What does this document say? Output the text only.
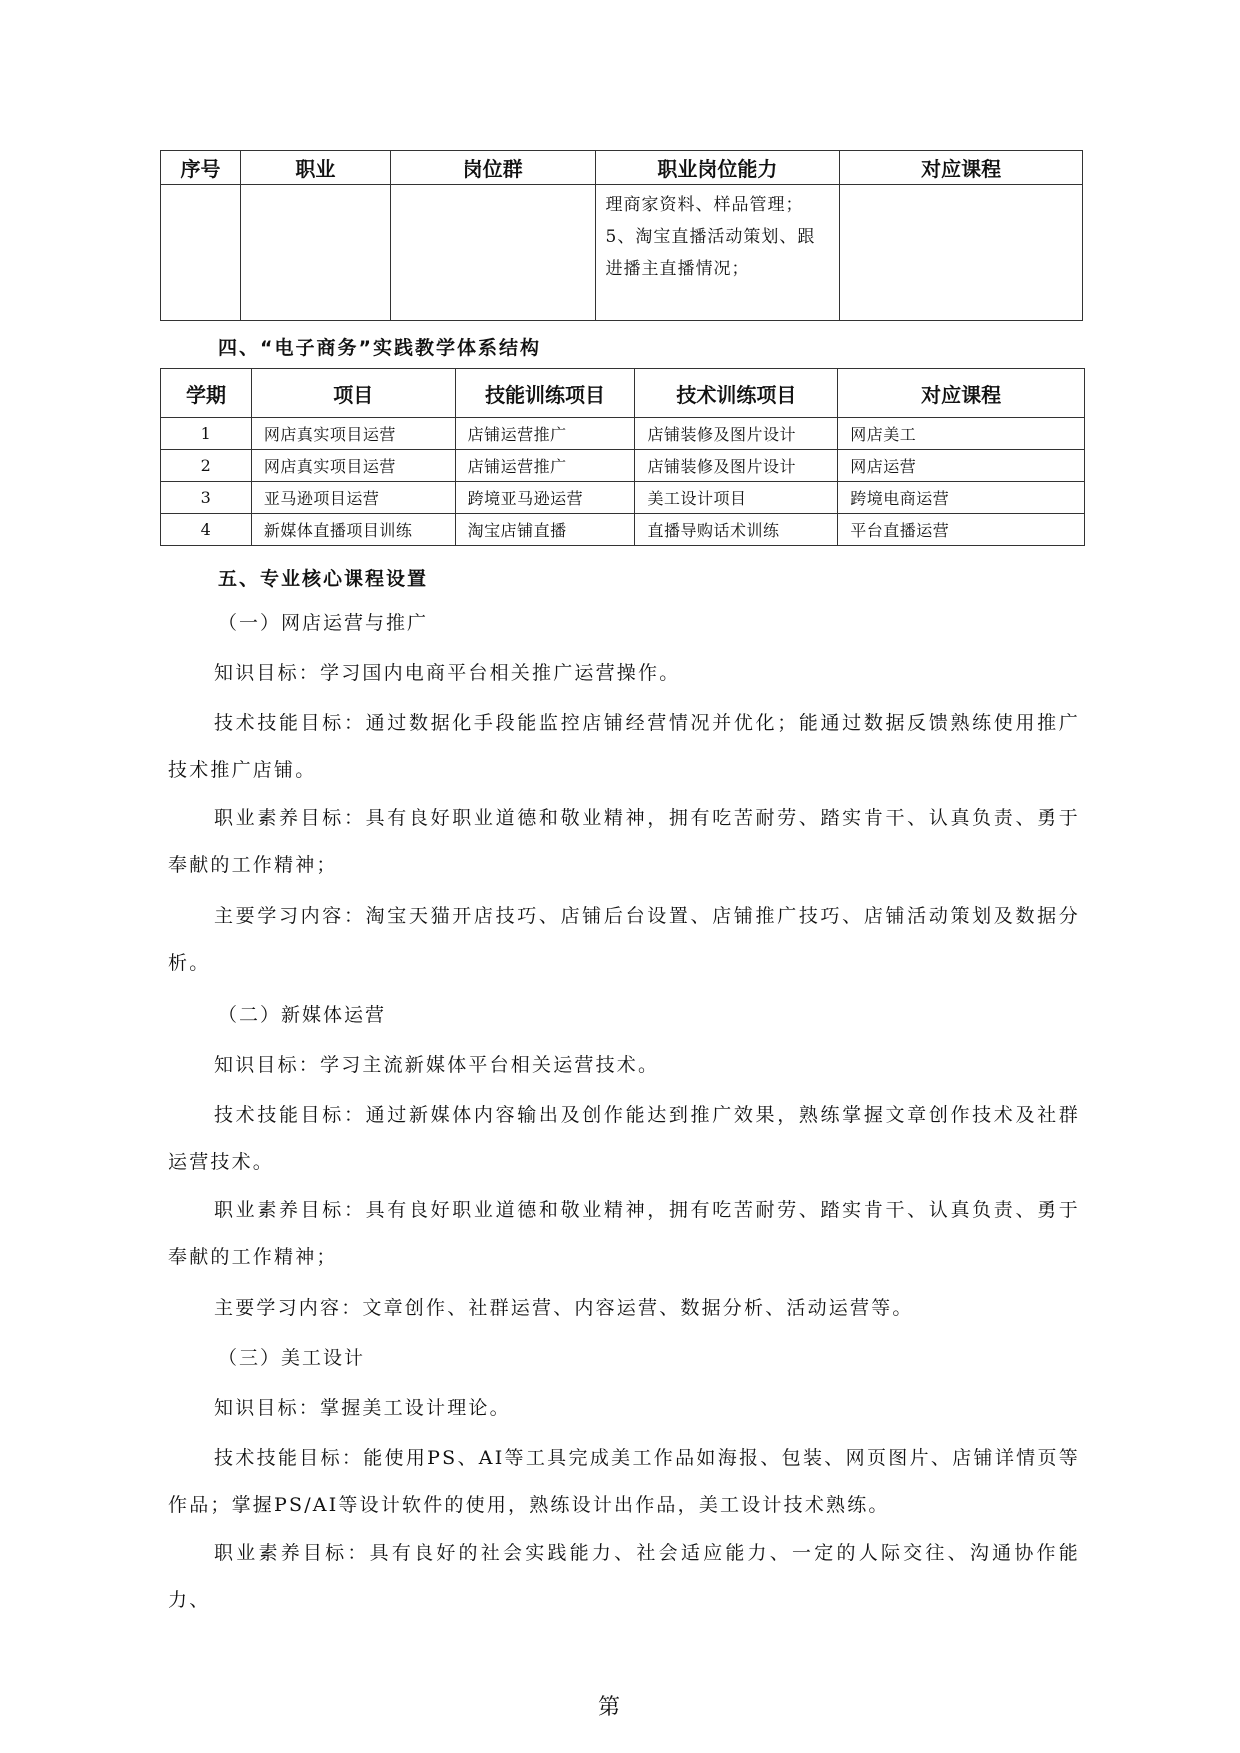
序号	职业	岗位群	职业岗位能力	对应课程

			理商家资料、样品管理；
5、淘宝直播活动策划、跟
进播主直播情况；	

四、“电子商务”实践教学体系结构
学期	项目	技能训练项目	技术训练项目	对应课程
1	网店真实项目运营	店铺运营推广	店铺装修及图片设计	网店美工
2	网店真实项目运营	店铺运营推广	店铺装修及图片设计	网店运营
3	亚马逊项目运营	跨境亚马逊运营	美工设计项目	跨境电商运营
4	新媒体直播项目训练	淘宝店铺直播	直播导购话术训练	平台直播运营
五、专业核心课程设置
（一）网店运营与推广
知识目标：学习国内电商平台相关推广运营操作。
技术技能目标：通过数据化手段能监控店铺经营情况并优化；能通过数据反馈熟练使用推广技术推广店铺。
职业素养目标：具有良好职业道德和敬业精神，拥有吃苦耐劳、踏实肯干、认真负责、勇于奉献的工作精神；
主要学习内容：淘宝天猫开店技巧、店铺后台设置、店铺推广技巧、店铺活动策划及数据分析。
（二）新媒体运营
知识目标：学习主流新媒体平台相关运营技术。
技术技能目标：通过新媒体内容输出及创作能达到推广效果，熟练掌握文章创作技术及社群运营技术。
职业素养目标：具有良好职业道德和敬业精神，拥有吃苦耐劳、踏实肯干、认真负责、勇于奉献的工作精神；
主要学习内容：文章创作、社群运营、内容运营、数据分析、活动运营等。
（三）美工设计
知识目标：掌握美工设计理论。
技术技能目标：能使用PS、AI等工具完成美工作品如海报、包装、网页图片、店铺详情页等作品；掌握PS/AI等设计软件的使用，熟练设计出作品，美工设计技术熟练。
职业素养目标：具有良好的社会实践能力、社会适应能力、一定的人际交往、沟通协作能力、
第
